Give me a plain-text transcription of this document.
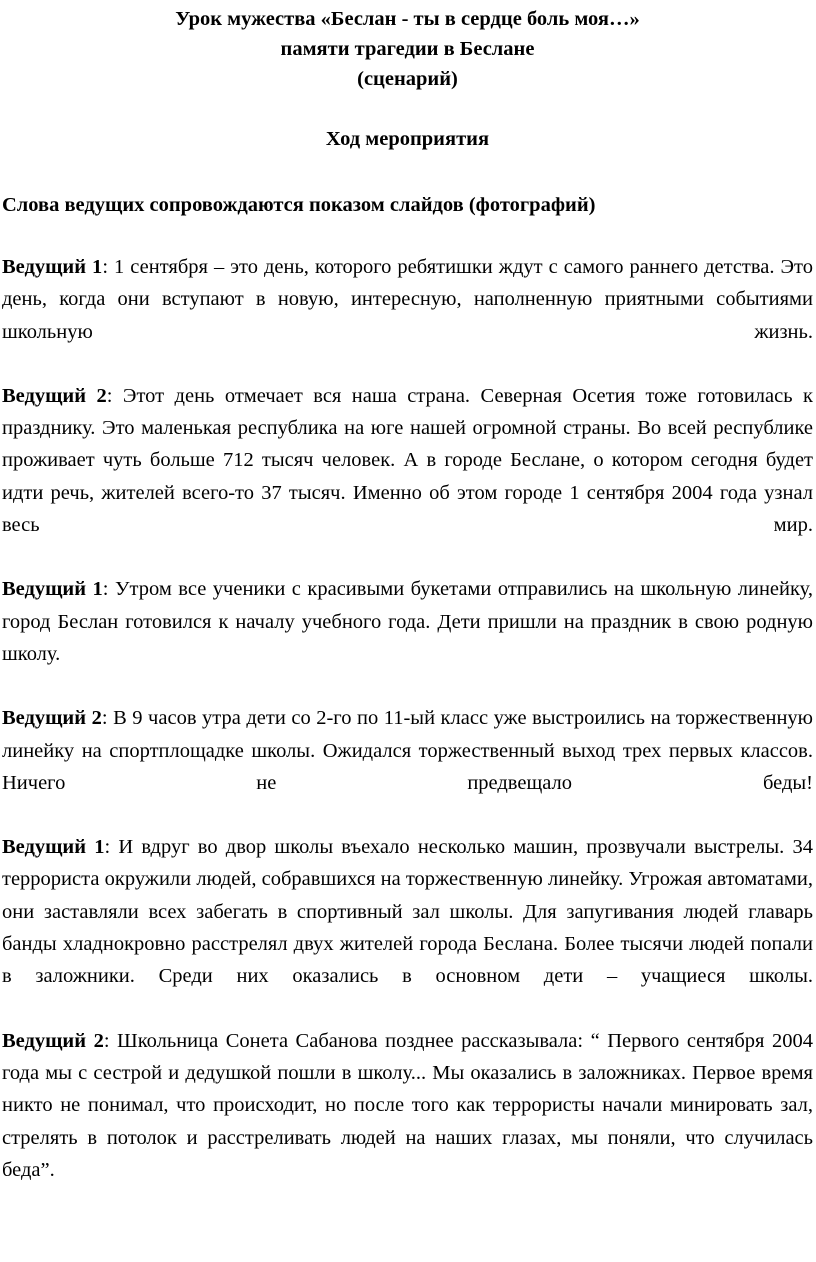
Урок мужества «Беслан - ты в сердце боль моя…»
памяти трагедии в Беслане
(сценарий)
Ход мероприятия
Слова ведущих сопровождаются показом слайдов (фотографий)
Ведущий 1: 1 сентября – это день, которого ребятишки ждут с самого раннего детства. Это день, когда они вступают в новую, интересную, наполненную приятными событиями школьную жизнь.
Ведущий 2: Этот день отмечает вся наша страна. Северная Осетия тоже готовилась к празднику. Это маленькая республика на юге нашей огромной страны. Во всей республике проживает чуть больше 712 тысяч человек. А в городе Беслане, о котором сегодня будет идти речь, жителей всего-то 37 тысяч. Именно об этом городе 1 сентября 2004 года узнал весь мир.
Ведущий 1: Утром все ученики с красивыми букетами отправились на школьную линейку, город Беслан готовился к началу учебного года. Дети пришли на праздник в свою родную школу.
Ведущий 2: В 9 часов утра дети со 2-го по 11-ый класс уже выстроились на торжественную линейку на спортплощадке школы. Ожидался торжественный выход трех первых классов. Ничего не предвещало беды!
Ведущий 1: И вдруг во двор школы въехало несколько машин, прозвучали выстрелы. 34 террориста окружили людей, собравшихся на торжественную линейку. Угрожая автоматами, они заставляли всех забегать в спортивный зал школы. Для запугивания людей главарь банды хладнокровно расстрелял двух жителей города Беслана. Более тысячи людей попали в заложники. Среди них оказались в основном дети – учащиеся школы.
Ведущий 2: Школьница Сонета Сабанова позднее рассказывала: “ Первого сентября 2004 года мы с сестрой и дедушкой пошли в школу... Мы оказались в заложниках. Первое время никто не понимал, что происходит, но после того как террористы начали минировать зал, стрелять в потолок и расстреливать людей на наших глазах, мы поняли, что случилась беда”.
